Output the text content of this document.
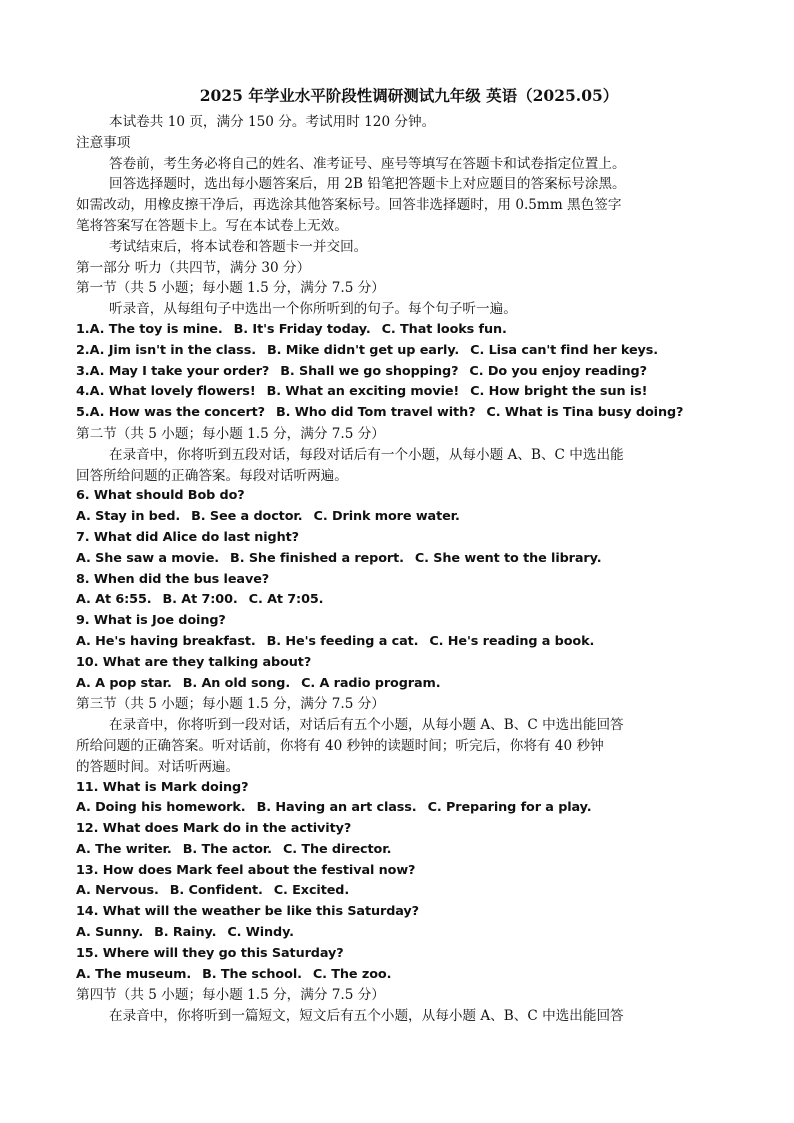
2025 年学业水平阶段性调研测试九年级 英语（2025.05）
本试卷共 10 页，满分 150 分。考试用时 120 分钟。
注意事项
答卷前，考生务必将自己的姓名、准考证号、座号等填写在答题卡和试卷指定位置上。
回答选择题时，选出每小题答案后，用 2B 铅笔把答题卡上对应题目的答案标号涂黑。
如需改动，用橡皮擦干净后，再选涂其他答案标号。回答非选择题时，用 0.5mm 黑色签字
笔将答案写在答题卡上。写在本试卷上无效。
考试结束后，将本试卷和答题卡一并交回。
第一部分 听力（共四节，满分 30 分）
第一节（共 5 小题；每小题 1.5 分，满分 7.5 分）
听录音，从每组句子中选出一个你所听到的句子。每个句子听一遍。
1.A. The toy is mine. B. It's Friday today. C. That looks fun.
2.A. Jim isn't in the class. B. Mike didn't get up early. C. Lisa can't find her keys.
3.A. May I take your order? B. Shall we go shopping? C. Do you enjoy reading?
4.A. What lovely flowers! B. What an exciting movie! C. How bright the sun is!
5.A. How was the concert? B. Who did Tom travel with? C. What is Tina busy doing?
第二节（共 5 小题；每小题 1.5 分，满分 7.5 分）
在录音中，你将听到五段对话，每段对话后有一个小题，从每小题 A、B、C 中选出能
回答所给问题的正确答案。每段对话听两遍。
6. What should Bob do?
A. Stay in bed. B. See a doctor. C. Drink more water.
7. What did Alice do last night?
A. She saw a movie. B. She finished a report. C. She went to the library.
8. When did the bus leave?
A. At 6:55. B. At 7:00. C. At 7:05.
9. What is Joe doing?
A. He's having breakfast. B. He's feeding a cat. C. He's reading a book.
10. What are they talking about?
A. A pop star. B. An old song. C. A radio program.
第三节（共 5 小题；每小题 1.5 分，满分 7.5 分）
在录音中，你将听到一段对话，对话后有五个小题，从每小题 A、B、C 中选出能回答
所给问题的正确答案。听对话前，你将有 40 秒钟的读题时间；听完后，你将有 40 秒钟
的答题时间。对话听两遍。
11. What is Mark doing?
A. Doing his homework. B. Having an art class. C. Preparing for a play.
12. What does Mark do in the activity?
A. The writer. B. The actor. C. The director.
13. How does Mark feel about the festival now?
A. Nervous. B. Confident. C. Excited.
14. What will the weather be like this Saturday?
A. Sunny. B. Rainy. C. Windy.
15. Where will they go this Saturday?
A. The museum. B. The school. C. The zoo.
第四节（共 5 小题；每小题 1.5 分，满分 7.5 分）
在录音中，你将听到一篇短文，短文后有五个小题，从每小题 A、B、C 中选出能回答
